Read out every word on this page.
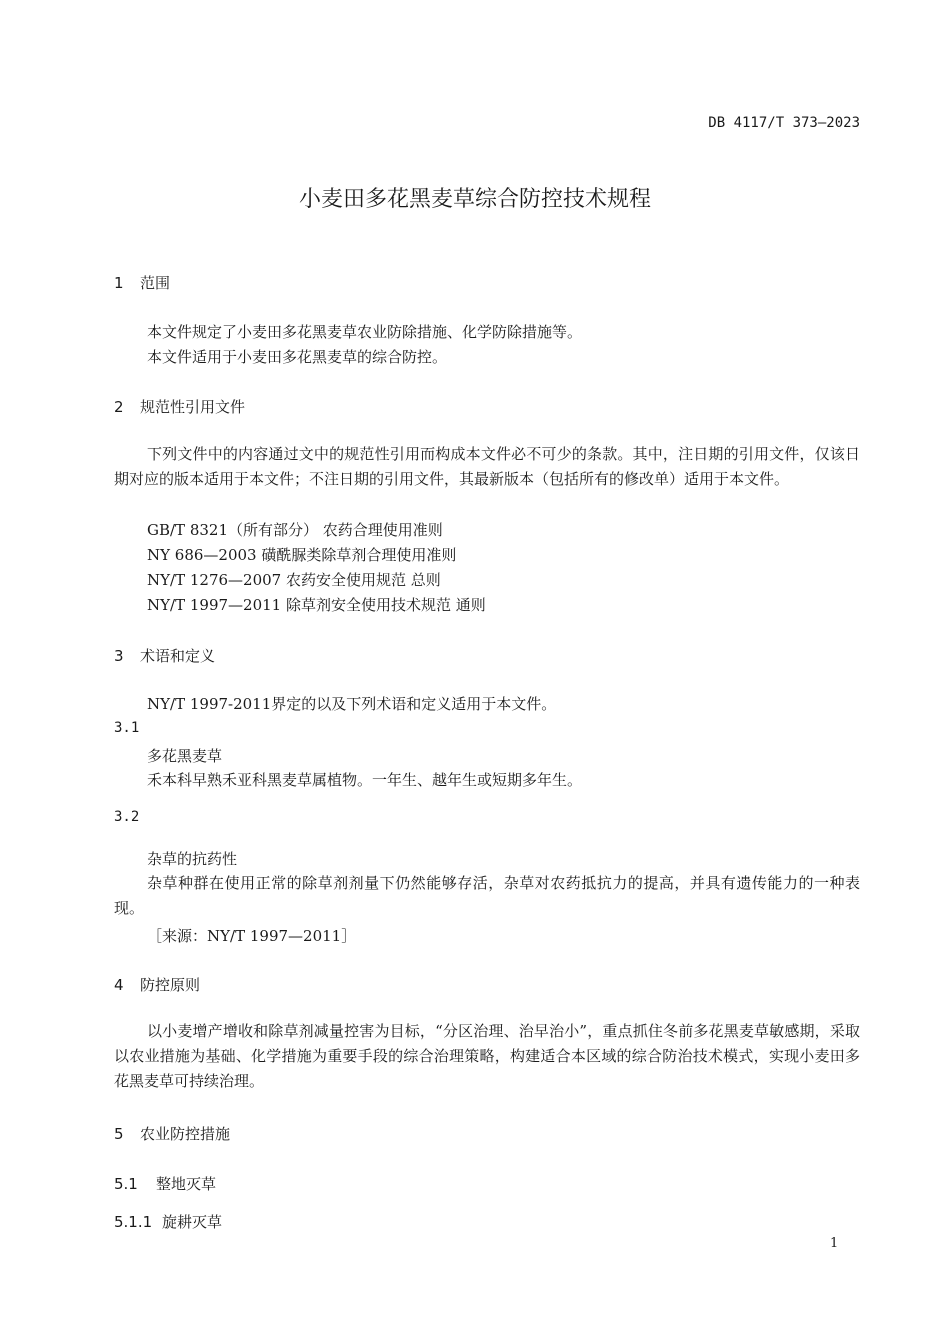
DB 4117/T 373—2023
小麦田多花黑麦草综合防控技术规程
1 范围
本文件规定了小麦田多花黑麦草农业防除措施、化学防除措施等。
本文件适用于小麦田多花黑麦草的综合防控。
2 规范性引用文件
下列文件中的内容通过文中的规范性引用而构成本文件必不可少的条款。其中，注日期的引用文件，仅该日期对应的版本适用于本文件；不注日期的引用文件，其最新版本（包括所有的修改单）适用于本文件。
GB/T 8321（所有部分） 农药合理使用准则
NY 686—2003 磺酰脲类除草剂合理使用准则
NY/T 1276—2007 农药安全使用规范 总则
NY/T 1997—2011 除草剂安全使用技术规范 通则
3 术语和定义
NY/T 1997-2011界定的以及下列术语和定义适用于本文件。
3.1
多花黑麦草
禾本科早熟禾亚科黑麦草属植物。一年生、越年生或短期多年生。
3.2
杂草的抗药性
杂草种群在使用正常的除草剂剂量下仍然能够存活，杂草对农药抵抗力的提高，并具有遗传能力的一种表现。
［来源：NY/T 1997—2011］
4 防控原则
以小麦增产增收和除草剂减量控害为目标，“分区治理、治早治小”，重点抓住冬前多花黑麦草敏感期，采取以农业措施为基础、化学措施为重要手段的综合治理策略，构建适合本区域的综合防治技术模式，实现小麦田多花黑麦草可持续治理。
5 农业防控措施
5.1 整地灭草
5.1.1 旋耕灭草
1
